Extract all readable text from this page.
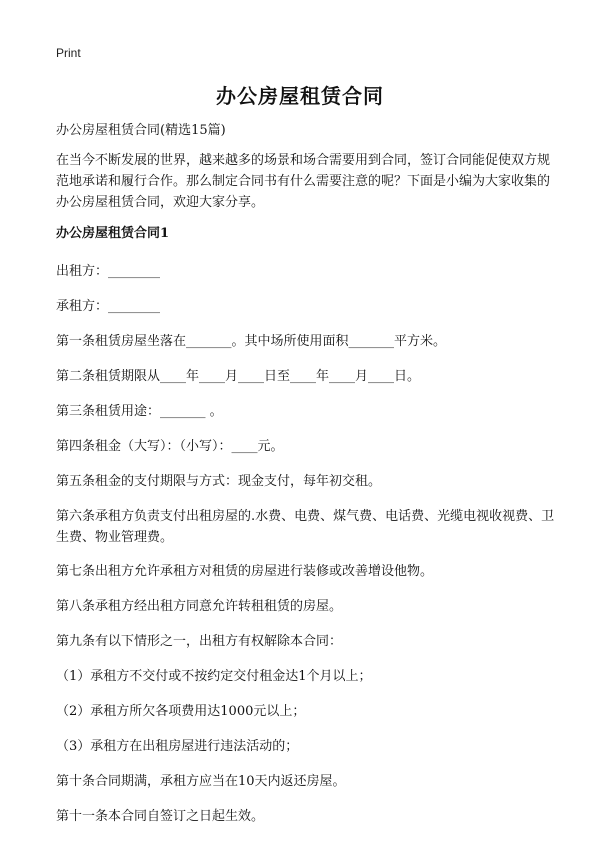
Print
办公房屋租赁合同

办公房屋租赁合同(精选15篇)

在当今不断发展的世界，越来越多的场景和场合需要用到合同，签订合同能促使双方规范地承诺和履行合作。那么制定合同书有什么需要注意的呢？下面是小编为大家收集的办公房屋租赁合同，欢迎大家分享。

办公房屋租赁合同1

出租方：________

承租方：________

第一条租赁房屋坐落在_______。其中场所使用面积_______平方米。

第二条租赁期限从____年____月____日至____年____月____日。

第三条租赁用途：_______ 。

第四条租金（大写）：（小写）：____元。

第五条租金的支付期限与方式：现金支付，每年初交租。

第六条承租方负责支付出租房屋的.水费、电费、煤气费、电话费、光缆电视收视费、卫生费、物业管理费。

第七条出租方允许承租方对租赁的房屋进行装修或改善增设他物。

第八条承租方经出租方同意允许转租租赁的房屋。

第九条有以下情形之一，出租方有权解除本合同：

（1）承租方不交付或不按约定交付租金达1个月以上；

（2）承租方所欠各项费用达1000元以上；

（3）承租方在出租房屋进行违法活动的；

第十条合同期满，承租方应当在10天内返还房屋。

第十一条本合同自签订之日起生效。
